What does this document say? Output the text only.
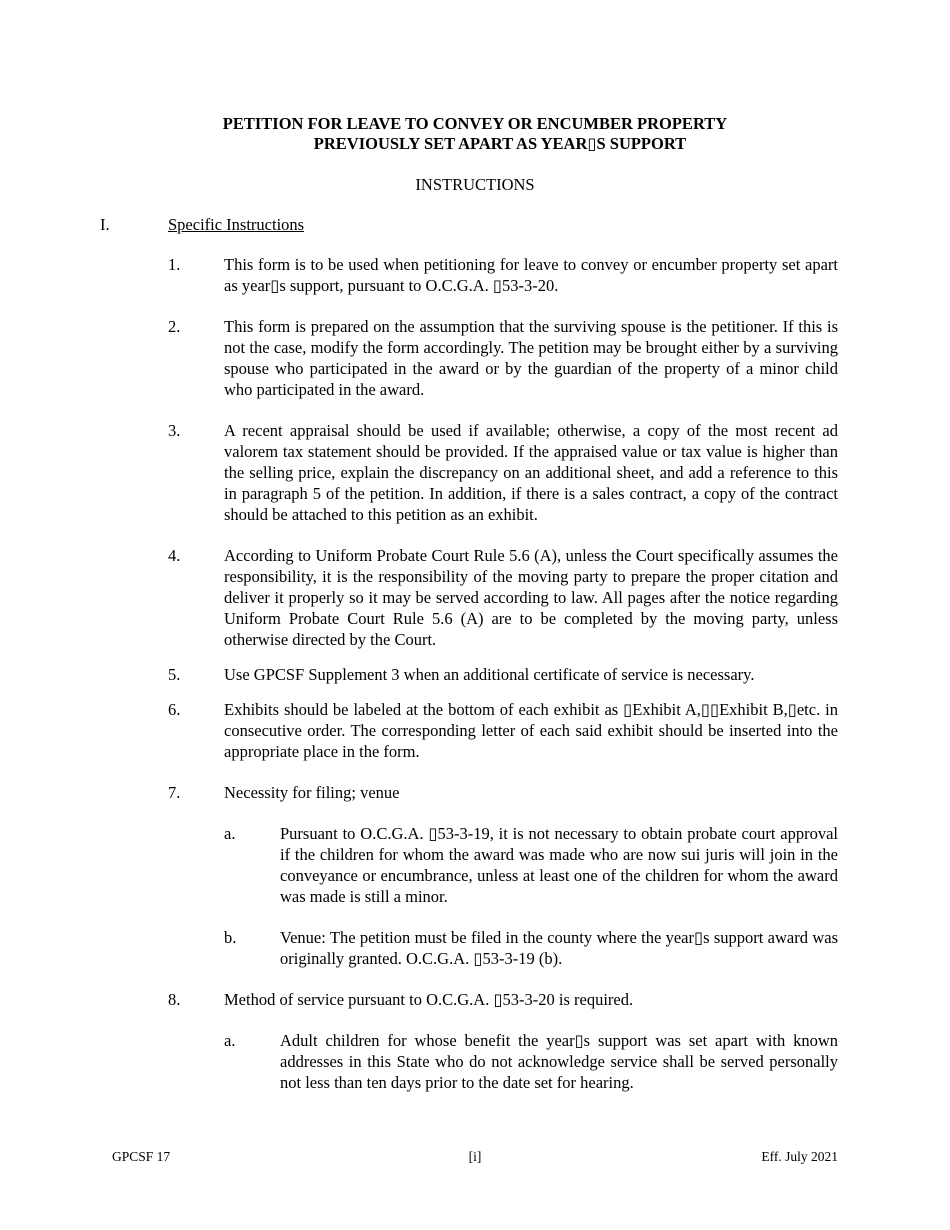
PETITION FOR LEAVE TO CONVEY OR ENCUMBER PROPERTY
PREVIOUSLY SET APART AS YEAR▯S SUPPORT
INSTRUCTIONS
I.	Specific Instructions
1.	This form is to be used when petitioning for leave to convey or encumber property set apart as year▯s support, pursuant to O.C.G.A. ▯53-3-20.
2.	This form is prepared on the assumption that the surviving spouse is the petitioner. If this is not the case, modify the form accordingly. The petition may be brought either by a surviving spouse who participated in the award or by the guardian of the property of a minor child who participated in the award.
3.	A recent appraisal should be used if available; otherwise, a copy of the most recent ad valorem tax statement should be provided. If the appraised value or tax value is higher than the selling price, explain the discrepancy on an additional sheet, and add a reference to this in paragraph 5 of the petition. In addition, if there is a sales contract, a copy of the contract should be attached to this petition as an exhibit.
4.	According to Uniform Probate Court Rule 5.6 (A), unless the Court specifically assumes the responsibility, it is the responsibility of the moving party to prepare the proper citation and deliver it properly so it may be served according to law. All pages after the notice regarding Uniform Probate Court Rule 5.6 (A) are to be completed by the moving party, unless otherwise directed by the Court.
5.	Use GPCSF Supplement 3 when an additional certificate of service is necessary.
6.	Exhibits should be labeled at the bottom of each exhibit as ▯Exhibit A,▯▯Exhibit B,▯etc. in consecutive order. The corresponding letter of each said exhibit should be inserted into the appropriate place in the form.
7.	Necessity for filing; venue
a.	Pursuant to O.C.G.A. ▯53-3-19, it is not necessary to obtain probate court approval if the children for whom the award was made who are now sui juris will join in the conveyance or encumbrance, unless at least one of the children for whom the award was made is still a minor.
b.	Venue: The petition must be filed in the county where the year▯s support award was originally granted. O.C.G.A. ▯53-3-19 (b).
8.	Method of service pursuant to O.C.G.A. ▯53-3-20 is required.
a.	Adult children for whose benefit the year▯s support was set apart with known addresses in this State who do not acknowledge service shall be served personally not less than ten days prior to the date set for hearing.
GPCSF 17	[i]	Eff. July 2021
